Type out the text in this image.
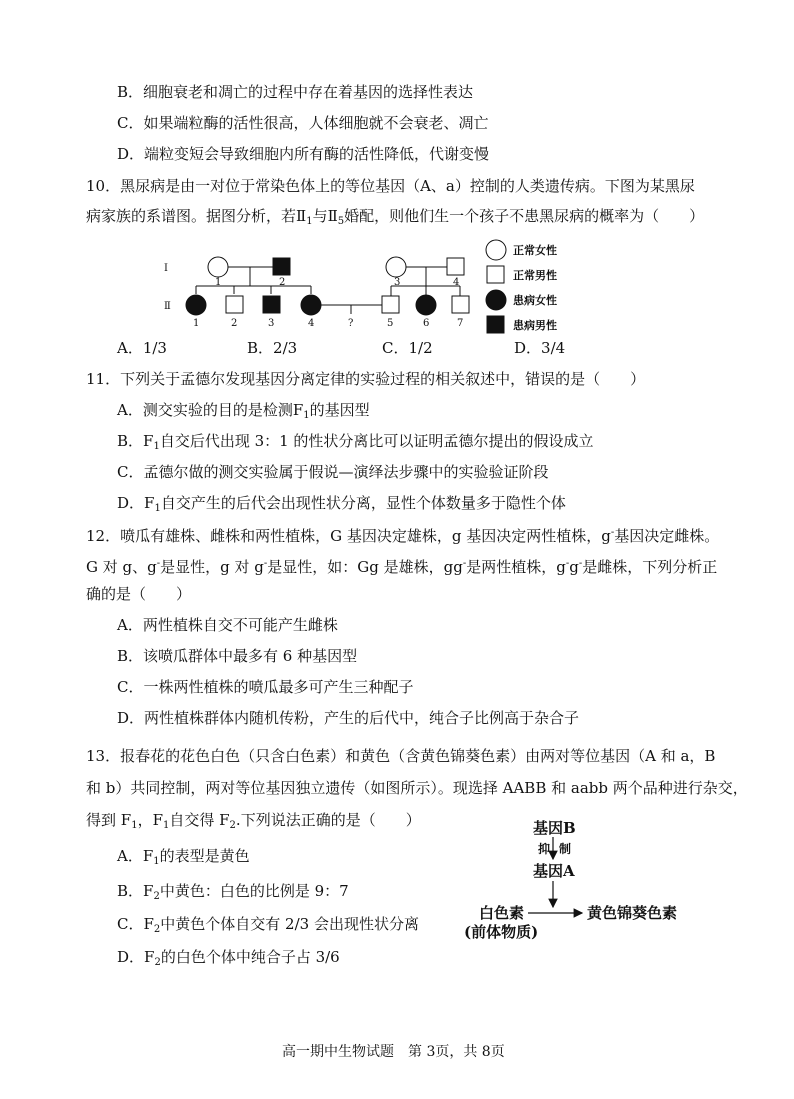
B．细胞衰老和凋亡的过程中存在着基因的选择性表达
C．如果端粒酶的活性很高，人体细胞就不会衰老、凋亡
D．端粒变短会导致细胞内所有酶的活性降低，代谢变慢
10．黑尿病是由一对位于常染色体上的等位基因（A、a）控制的人类遗传病。下图为某黑尿
病家族的系谱图。据图分析，若$Ⅱ_1$与$Ⅱ_5$婚配，则他们生一个孩子不患黑尿病的概率为（　　）
Ⅰ
Ⅱ
1	2	3	4
1	2	3	4	?	5	6	7
正常女性
正常男性
患病女性
患病男性
A．1/3	B．2/3	C．1/2	D．3/4
11．下列关于孟德尔发现基因分离定律的实验过程的相关叙述中，错误的是（　　）
A．测交实验的目的是检测$F_1$的基因型
B．$F_1$自交后代出现 3：1 的性状分离比可以证明孟德尔提出的假设成立
C．孟德尔做的测交实验属于假说—演绎法步骤中的实验验证阶段
D．$F_1$自交产生的后代会出现性状分离，显性个体数量多于隐性个体
12．喷瓜有雄株、雌株和两性植株，G 基因决定雄株，g 基因决定两性植株，g-基因决定雌株。
G 对 g、g-是显性，g 对 g-是显性，如：Gg 是雄株，gg-是两性植株，g-g-是雌株，下列分析正
确的是（　　）
A．两性植株自交不可能产生雌株
B．该喷瓜群体中最多有 6 种基因型
C．一株两性植株的喷瓜最多可产生三种配子
D．两性植株群体内随机传粉，产生的后代中，纯合子比例高于杂合子
13．报春花的花色白色（只含白色素）和黄色（含黄色锦葵色素）由两对等位基因（A 和 a，B
和 b）共同控制，两对等位基因独立遗传（如图所示）。现选择 AABB 和 aabb 两个品种进行杂交，
得到 $F_1$，$F_1$自交得 $F_2$.下列说法正确的是（　　）
A．$F_1$的表型是黄色
B．$F_2$中黄色：白色的比例是 9：7
C．$F_2$中黄色个体自交有 2/3 会出现性状分离
D．$F_2$的白色个体中纯合子占 3/6
基因B
抑 制
基因A
白色素
(前体物质)
黄色锦葵色素
高一期中生物试题　第 3页，共 8页
